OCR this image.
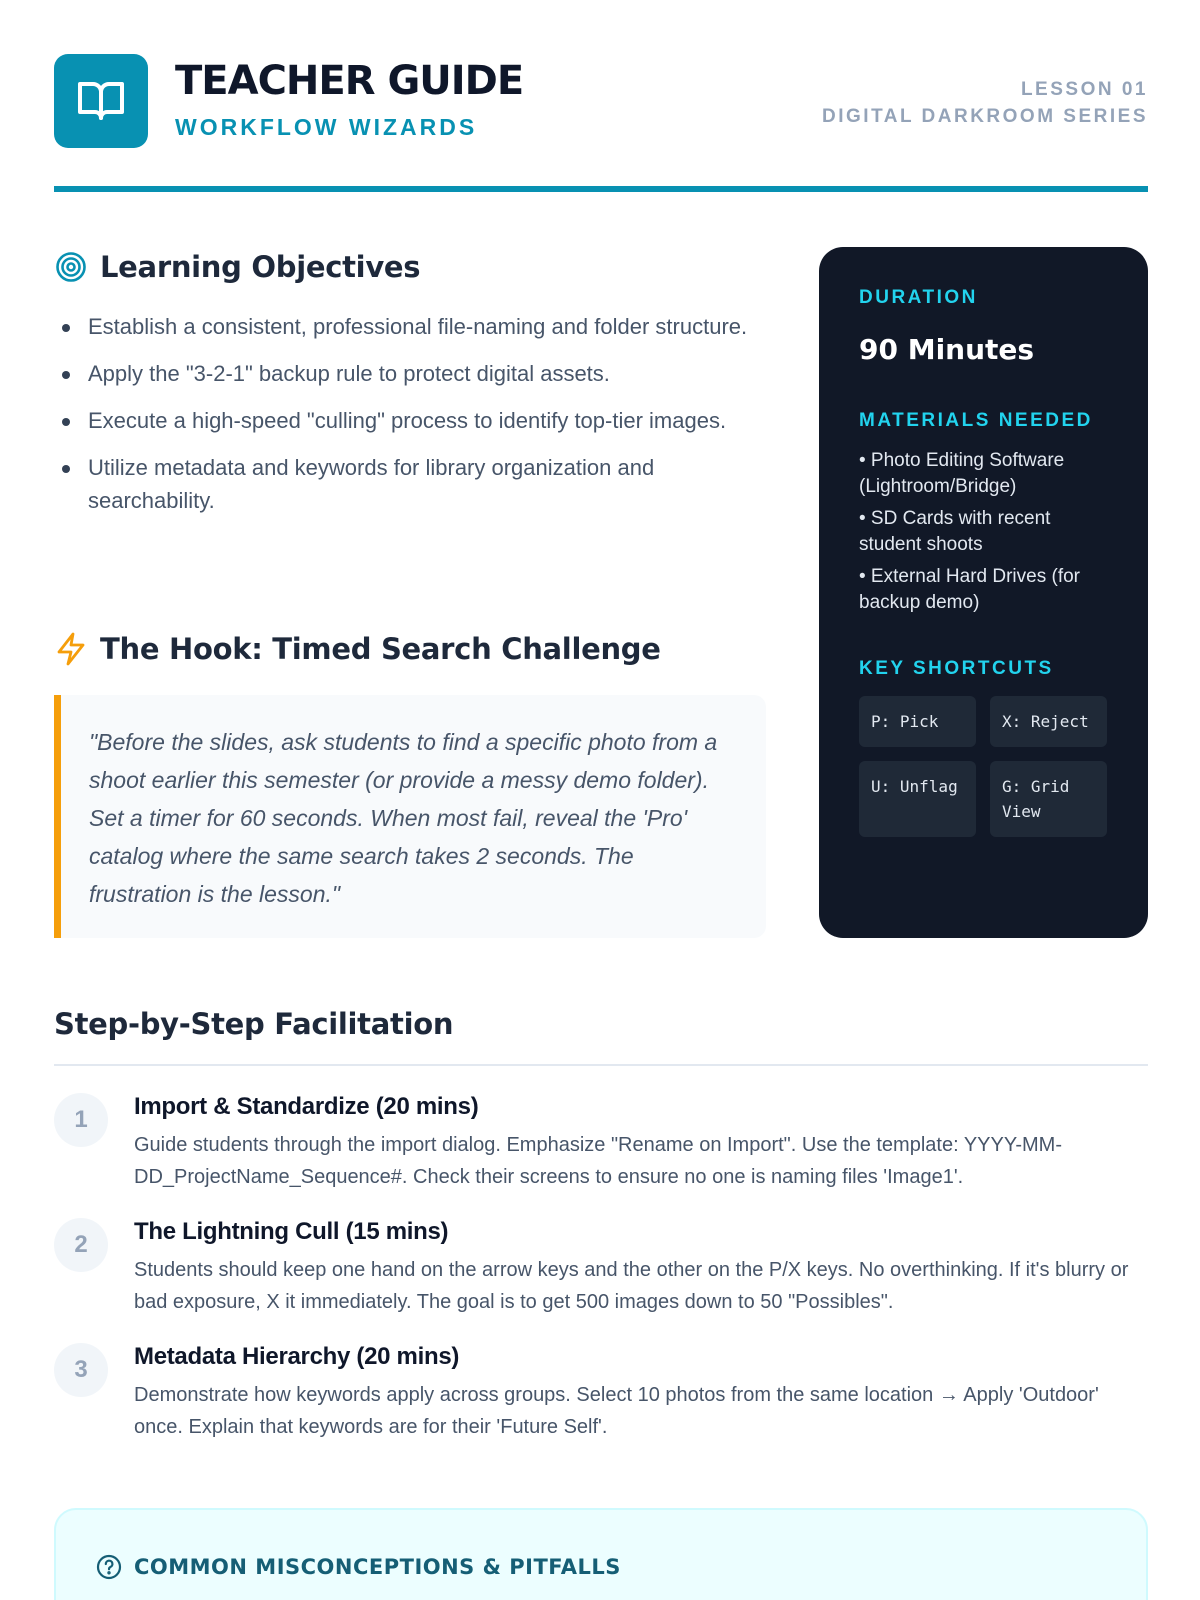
TEACHER GUIDE
WORKFLOW WIZARDS
LESSON 01
DIGITAL DARKROOM SERIES
Learning Objectives
Establish a consistent, professional file-naming and folder structure.
Apply the "3-2-1" backup rule to protect digital assets.
Execute a high-speed "culling" process to identify top-tier images.
Utilize metadata and keywords for library organization and searchability.
The Hook: Timed Search Challenge

"Before the slides, ask students to find a specific photo from a shoot earlier this semester (or provide a messy demo folder). Set a timer for 60 seconds. When most fail, reveal the 'Pro' catalog where the same search takes 2 seconds. The frustration is the lesson."

DURATION
90 Minutes
MATERIALS NEEDED
• Photo Editing Software (Lightroom/Bridge)
• SD Cards with recent student shoots
• External Hard Drives (for backup demo)
KEY SHORTCUTS
P: Pick	X: Reject
U: Unflag	G: Grid View
Step-by-Step Facilitation
1	Import & Standardize (20 mins)
Guide students through the import dialog. Emphasize "Rename on Import". Use the template: YYYY-MM-DD_ProjectName_Sequence#. Check their screens to ensure no one is naming files 'Image1'.
2	The Lightning Cull (15 mins)
Students should keep one hand on the arrow keys and the other on the P/X keys. No overthinking. If it's blurry or bad exposure, X it immediately. The goal is to get 500 images down to 50 "Possibles".
3	Metadata Hierarchy (20 mins)
Demonstrate how keywords apply across groups. Select 10 photos from the same location → Apply 'Outdoor' once. Explain that keywords are for their 'Future Self'.
COMMON MISCONCEPTIONS & PITFALLS
